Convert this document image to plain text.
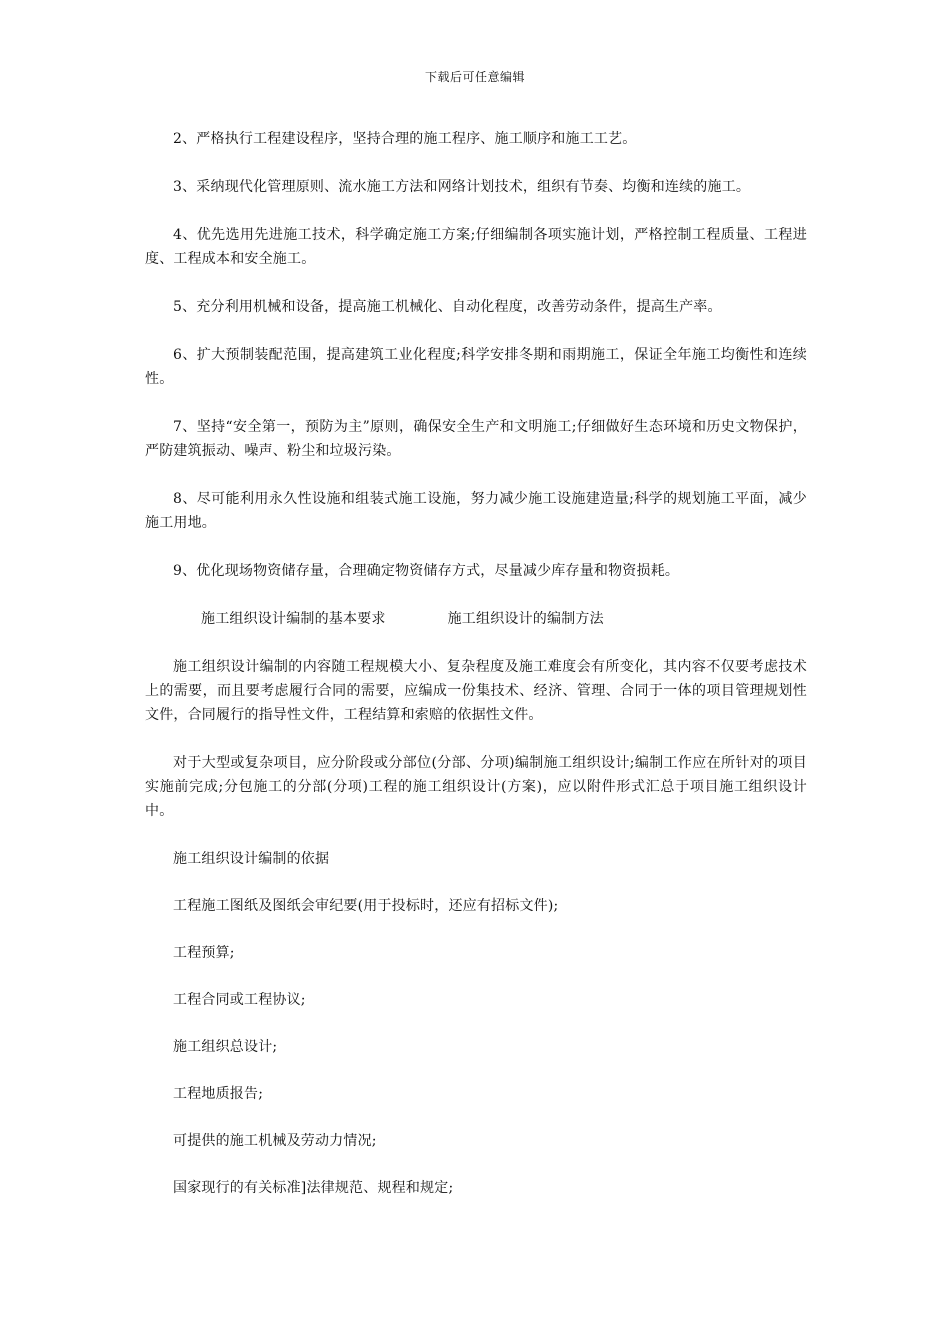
下载后可任意编辑

2、严格执行工程建设程序，坚持合理的施工程序、施工顺序和施工工艺。

3、采纳现代化管理原则、流水施工方法和网络计划技术，组织有节奏、均衡和连续的施工。

4、优先选用先进施工技术，科学确定施工方案;仔细编制各项实施计划，严格控制工程质量、工程进度、工程成本和安全施工。

5、充分利用机械和设备，提高施工机械化、自动化程度，改善劳动条件，提高生产率。

6、扩大预制装配范围，提高建筑工业化程度;科学安排冬期和雨期施工，保证全年施工均衡性和连续性。

7、坚持“安全第一，预防为主”原则，确保安全生产和文明施工;仔细做好生态环境和历史文物保护，严防建筑振动、噪声、粉尘和垃圾污染。

8、尽可能利用永久性设施和组装式施工设施，努力减少施工设施建造量;科学的规划施工平面，减少施工用地。

9、优化现场物资储存量，合理确定物资储存方式，尽量减少库存量和物资损耗。

施工组织设计编制的基本要求	施工组织设计的编制方法

施工组织设计编制的内容随工程规模大小、复杂程度及施工难度会有所变化，其内容不仅要考虑技术上的需要，而且要考虑履行合同的需要，应编成一份集技术、经济、管理、合同于一体的项目管理规划性文件，合同履行的指导性文件，工程结算和索赔的依据性文件。

对于大型或复杂项目，应分阶段或分部位(分部、分项)编制施工组织设计;编制工作应在所针对的项目实施前完成;分包施工的分部(分项)工程的施工组织设计(方案)，应以附件形式汇总于项目施工组织设计中。

施工组织设计编制的依据

工程施工图纸及图纸会审纪要(用于投标时，还应有招标文件);

工程预算;

工程合同或工程协议;

施工组织总设计;

工程地质报告;

可提供的施工机械及劳动力情况;

国家现行的有关标准]法律规范、规程和规定;
